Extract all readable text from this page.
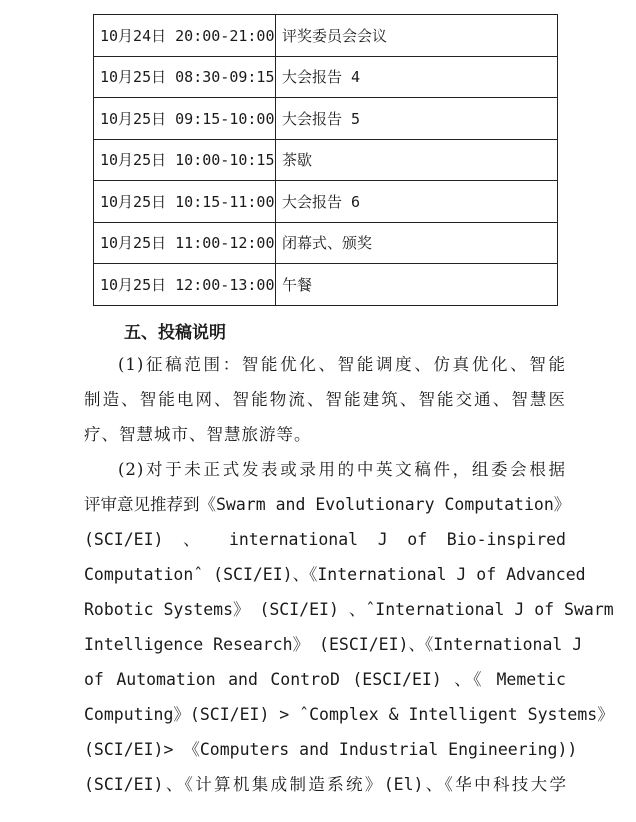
10月24日 20:00-21:00	评奖委员会会议
10月25日 08:30-09:15	大会报告 4
10月25日 09:15-10:00	大会报告 5
10月25日 10:00-10:15	茶歇
10月25日 10:15-11:00	大会报告 6
10月25日 11:00-12:00	闭幕式、颁奖
10月25日 12:00-13:00	午餐
五、投稿说明
(1)征稿范围：智能优化、智能调度、仿真优化、智能
制造、智能电网、智能物流、智能建筑、智能交通、智慧医
疗、智慧城市、智慧旅游等。
(2)对于未正式发表或录用的中英文稿件，组委会根据
评审意见推荐到《Swarm and Evolutionary Computation》
(SCI/EI) 、 international J of Bio-inspired
Computationˆ (SCI/EI)、《International J of Advanced
Robotic Systems》 (SCI/EI) 、ˆInternational J of Swarm
Intelligence Research》 (ESCI/EI)、《International J
of Automation and ControD (ESCI/EI) 、《 Memetic
Computing》(SCI/EI) > ˆComplex & Intelligent Systems》
(SCI/EI)> 《Computers and Industrial Engineering))
(SCI/EI)、《计算机集成制造系统》(El)、《华中科技大学
